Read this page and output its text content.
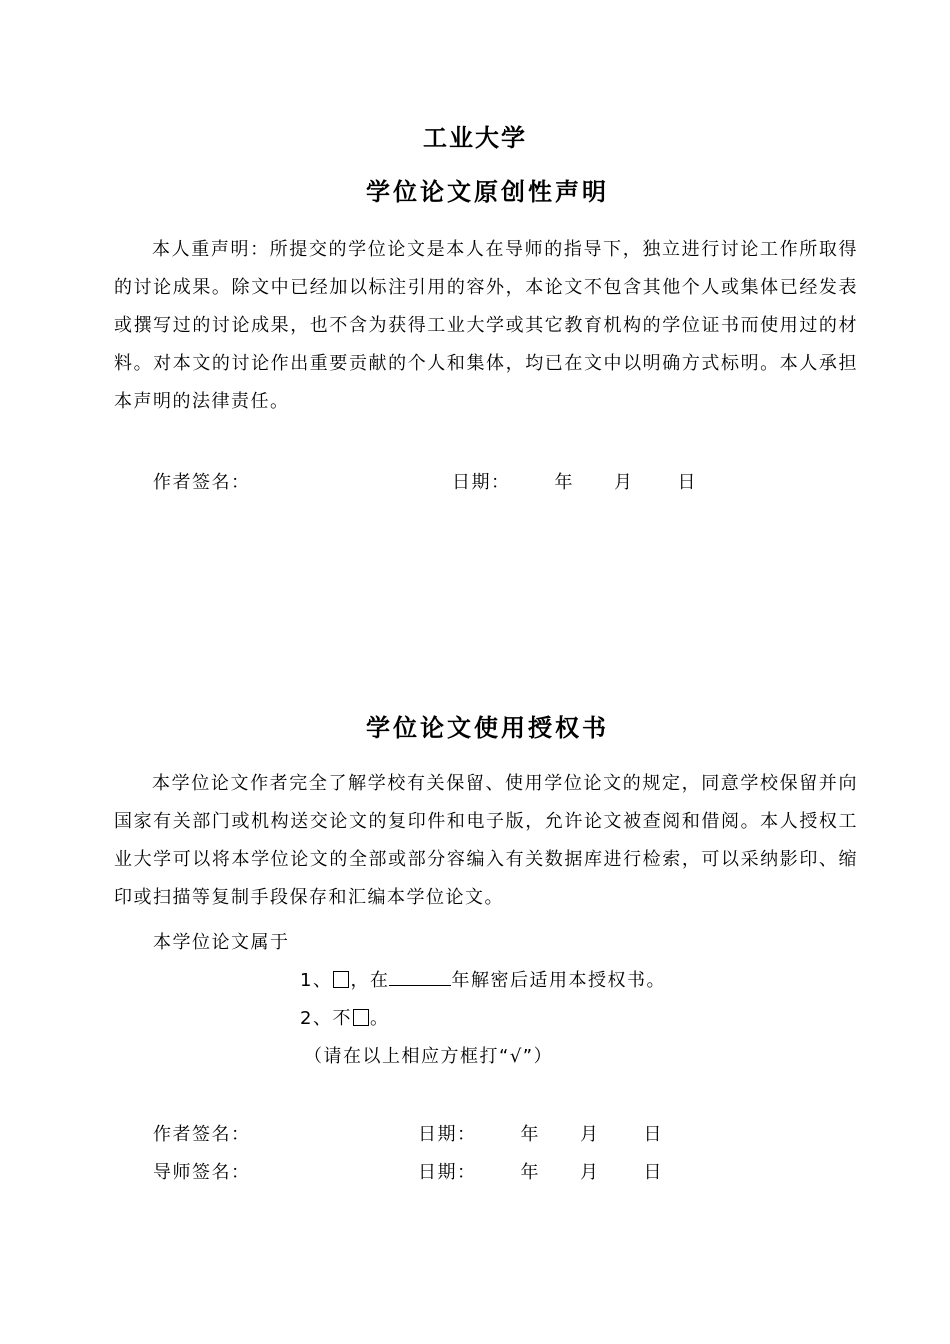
工业大学
学位论文原创性声明
本人重声明：所提交的学位论文是本人在导师的指导下，独立进行讨论工作所取得的讨论成果。除文中已经加以标注引用的容外，本论文不包含其他个人或集体已经发表或撰写过的讨论成果，也不含为获得工业大学或其它教育机构的学位证书而使用过的材料。对本文的讨论作出重要贡献的个人和集体，均已在文中以明确方式标明。本人承担本声明的法律责任。
作者签名：	日期： 年 月 日
学位论文使用授权书
本学位论文作者完全了解学校有关保留、使用学位论文的规定，同意学校保留并向国家有关部门或机构送交论文的复印件和电子版，允许论文被查阅和借阅。本人授权工业大学可以将本学位论文的全部或部分容编入有关数据库进行检索，可以采纳影印、缩印或扫描等复制手段保存和汇编本学位论文。
本学位论文属于
1、 ，在	年解密后适用本授权书。
2、不 。
（请在以上相应方框打“√”）
作者签名：	日期： 年 月 日
导师签名：	日期： 年 月 日
